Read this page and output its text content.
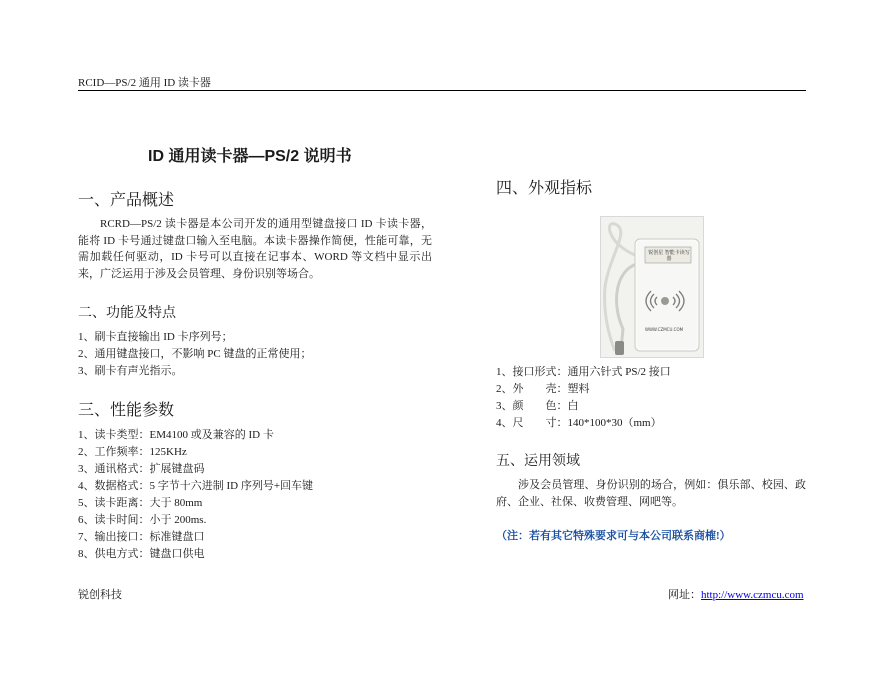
RCID—PS/2 通用 ID 读卡器
ID 通用读卡器—PS/2 说明书
一、产品概述

RCRD—PS/2 读卡器是本公司开发的通用型键盘接口 ID 卡读卡器，能将 ID 卡号通过键盘口输入至电脑。本读卡器操作简便，性能可靠，无需加载任何驱动，ID 卡号可以直接在记事本、WORD 等文档中显示出来，广泛运用于涉及会员管理、身份识别等场合。

二、功能及特点
1、刷卡直接输出 ID 卡序列号；
2、通用键盘接口，不影响 PC 键盘的正常使用；
3、刷卡有声光指示。
三、性能参数
1、读卡类型：EM4100 或及兼容的 ID 卡
2、工作频率：125KHz
3、通讯格式：扩展键盘码
4、数据格式：5 字节十六进制 ID 序列号+回车键
5、读卡距离：大于 80mm
6、读卡时间：小于 200ms.
7、输出接口：标准键盘口
8、供电方式：键盘口供电
四、外观指标
锐创星 智能卡读写器
WWW.CZMCU.COM
1、接口形式：通用六针式 PS/2 接口
2、外　　壳：塑料
3、颜　　色：白
4、尺　　寸：140*100*30（mm）
五、运用领域

涉及会员管理、身份识别的场合，例如：俱乐部、校园、政府、企业、社保、收费管理、网吧等。

（注：若有其它特殊要求可与本公司联系商榷!）
锐创科技	网址：http://www.czmcu.com
